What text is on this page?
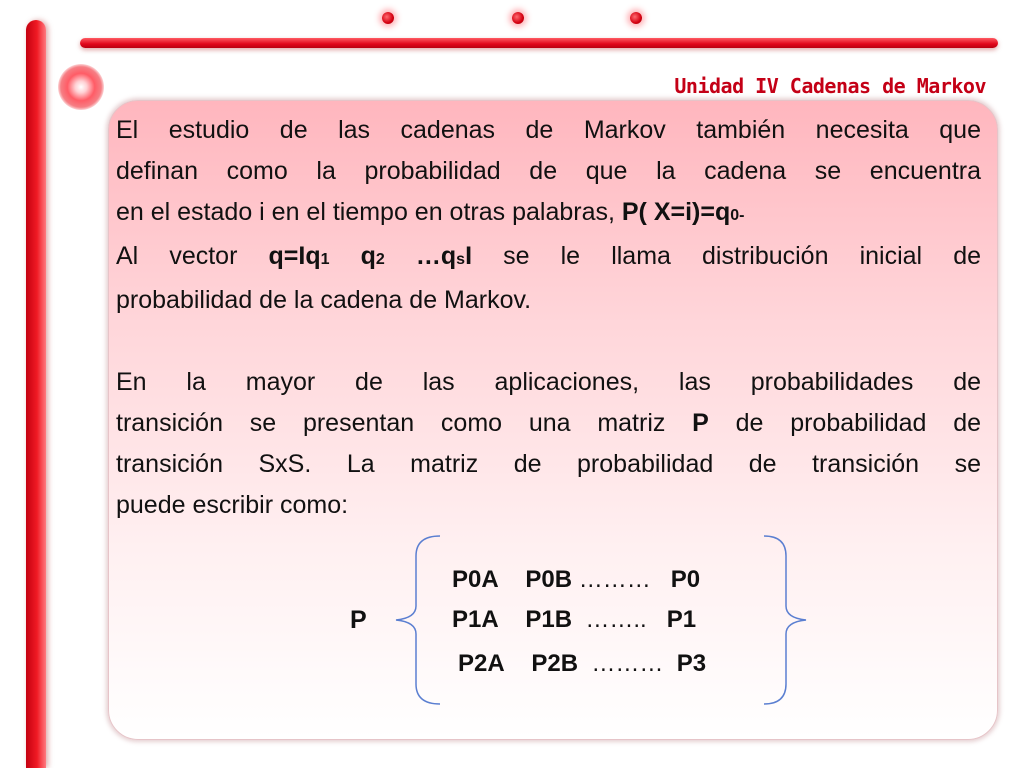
Unidad IV Cadenas de Markov

El estudio de las cadenas de Markov también necesita que

definan como la probabilidad de que la cadena se encuentra

en el estado i en el tiempo en otras palabras, P( X=i)=q0-

Al vector q=Iq1 q2 …qsI se le llama distribución inicial de

probabilidad de la cadena de Markov.

En la mayor de las aplicaciones, las probabilidades de

transición se presentan como una matriz P de probabilidad de

transición SxS. La matriz de probabilidad de transición se

puede escribir como:

P
P0A P0B ……… P0
P1A P1B …….. P1
P2A P2B ……… P3
